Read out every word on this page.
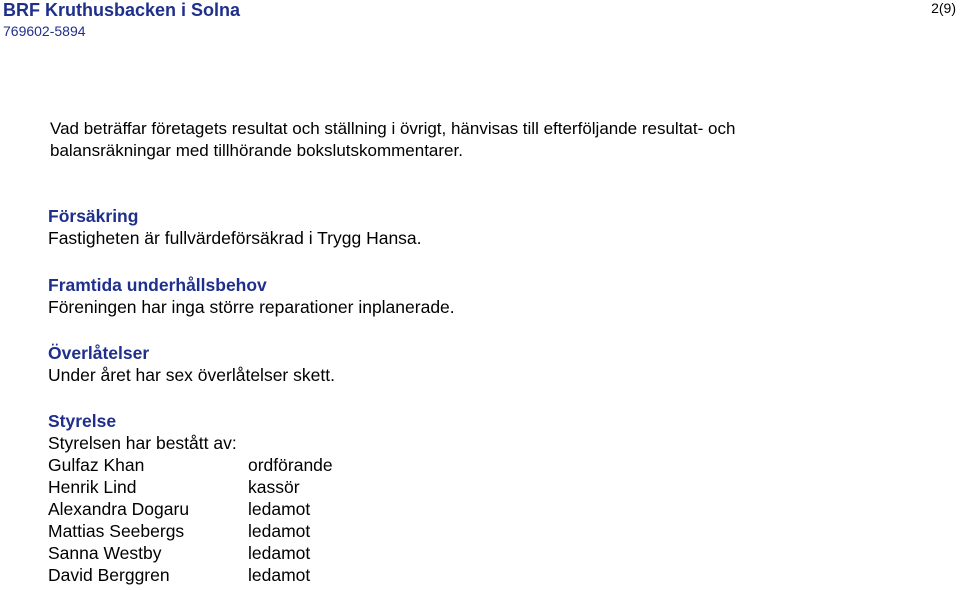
BRF Kruthusbacken i Solna
769602-5894
2(9)
Vad beträffar företagets resultat och ställning i övrigt, hänvisas till efterföljande resultat- och
balansräkningar med tillhörande bokslutskommentarer.
Försäkring
Fastigheten är fullvärdeförsäkrad i Trygg Hansa.
Framtida underhållsbehov
Föreningen har inga större reparationer inplanerade.
Överlåtelser
Under året har sex överlåtelser skett.
Styrelse
Styrelsen har bestått av:
Gulfaz Khan	ordförande
Henrik Lind	kassör
Alexandra Dogaru	ledamot
Mattias Seebergs	ledamot
Sanna Westby	ledamot
David Berggren	ledamot
